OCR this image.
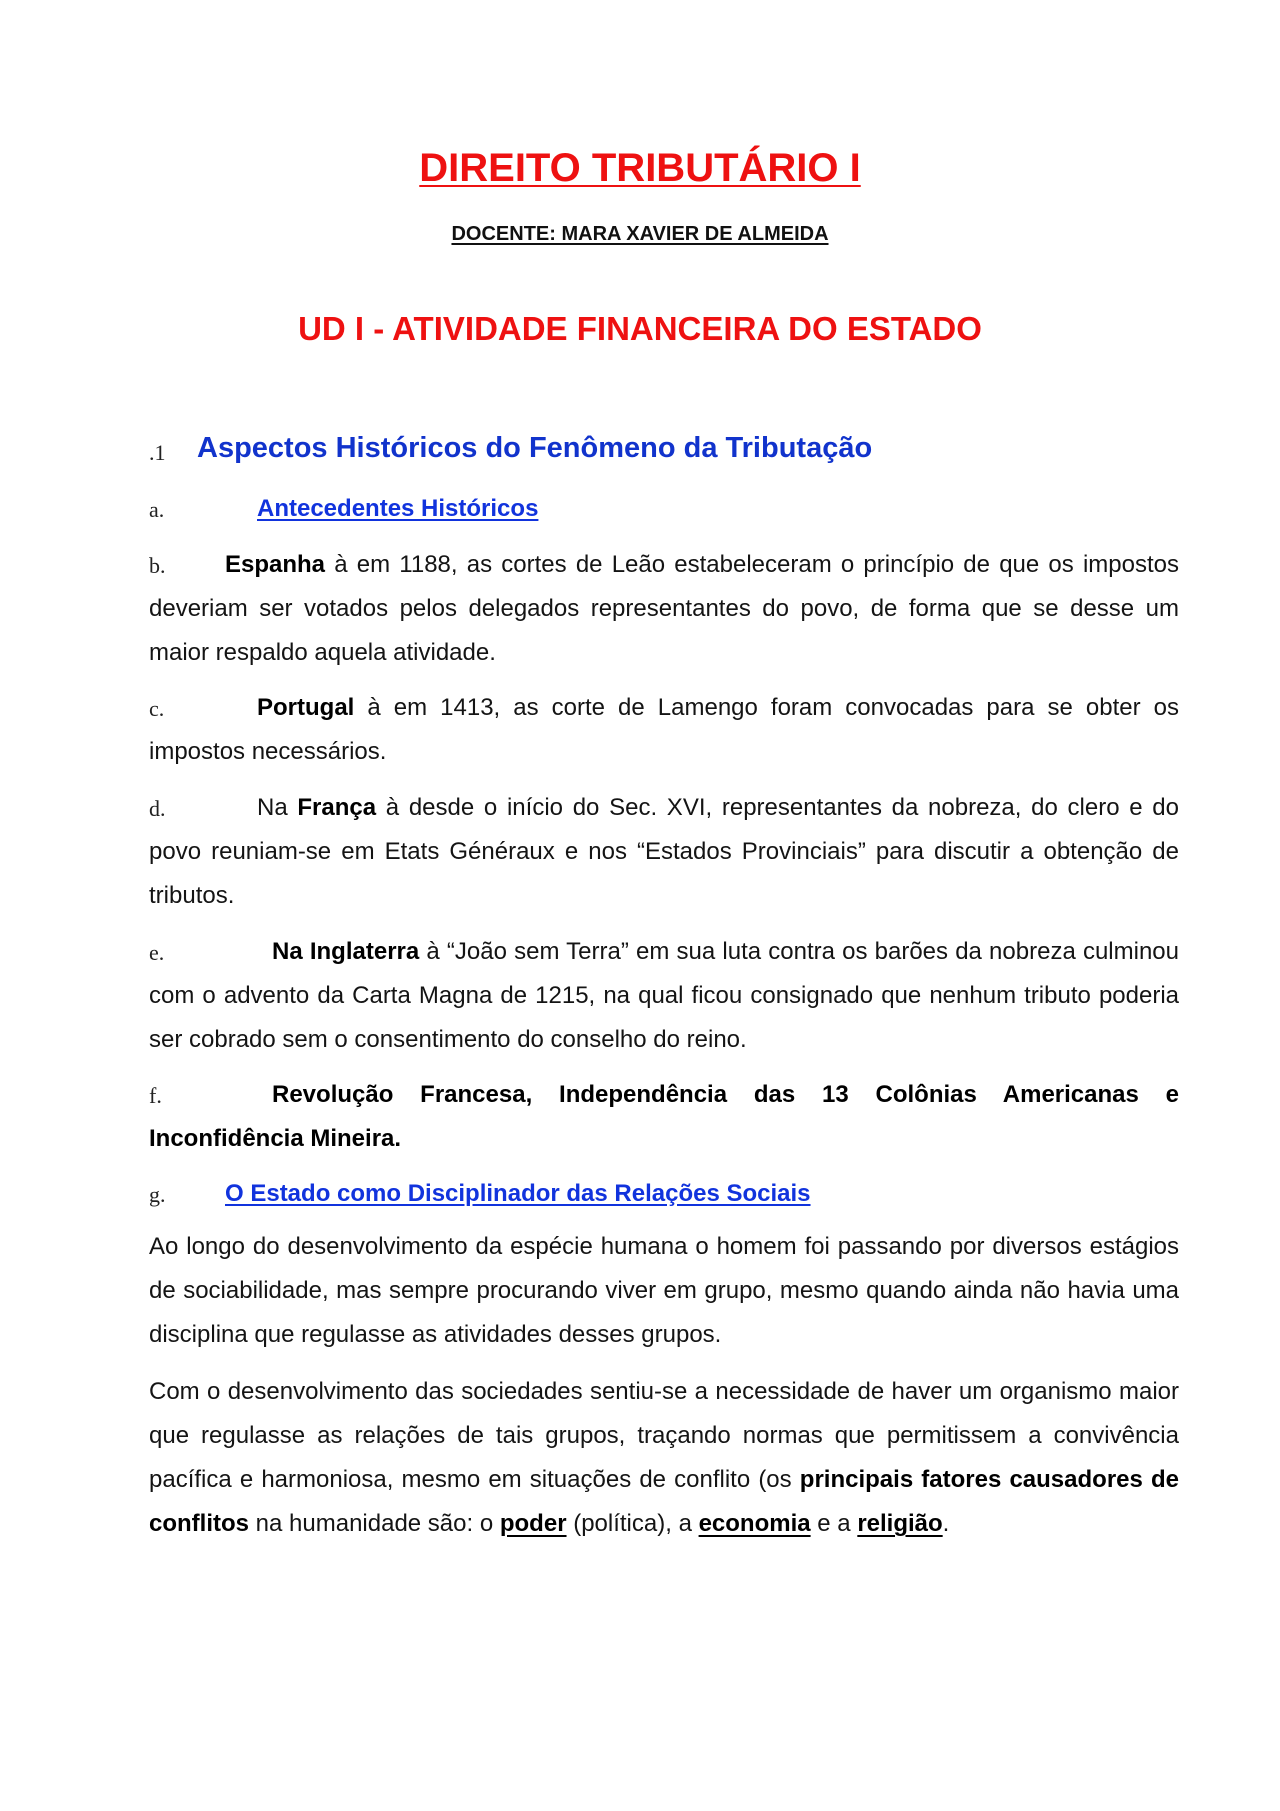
DIREITO TRIBUTÁRIO I
DOCENTE: MARA XAVIER DE ALMEIDA
UD I - ATIVIDADE FINANCEIRA DO ESTADO
.1 Aspectos Históricos do Fenômeno da Tributação
a.	Antecedentes Históricos
b.	Espanha à em 1188, as cortes de Leão estabeleceram o princípio de que os impostos deveriam ser votados pelos delegados representantes do povo, de forma que se desse um maior respaldo aquela atividade.
c.	Portugal à em 1413, as corte de Lamengo foram convocadas para se obter os impostos necessários.
d.	Na França à desde o início do Sec. XVI, representantes da nobreza, do clero e do povo reuniam-se em Etats Généraux e nos “Estados Provinciais” para discutir a obtenção de tributos.
e.	Na Inglaterra à “João sem Terra” em sua luta contra os barões da nobreza culminou com o advento da Carta Magna de 1215, na qual ficou consignado que nenhum tributo poderia ser cobrado sem o consentimento do conselho do reino.
f.	Revolução Francesa, Independência das 13 Colônias Americanas e Inconfidência Mineira.
g. O Estado como Disciplinador das Relações Sociais
Ao longo do desenvolvimento da espécie humana o homem foi passando por diversos estágios de sociabilidade, mas sempre procurando viver em grupo, mesmo quando ainda não havia uma disciplina que regulasse as atividades desses grupos.
Com o desenvolvimento das sociedades sentiu-se a necessidade de haver um organismo maior que regulasse as relações de tais grupos, traçando normas que permitissem a convivência pacífica e harmoniosa, mesmo em situações de conflito (os principais fatores causadores de conflitos na humanidade são: o poder (política), a economia e a religião.
